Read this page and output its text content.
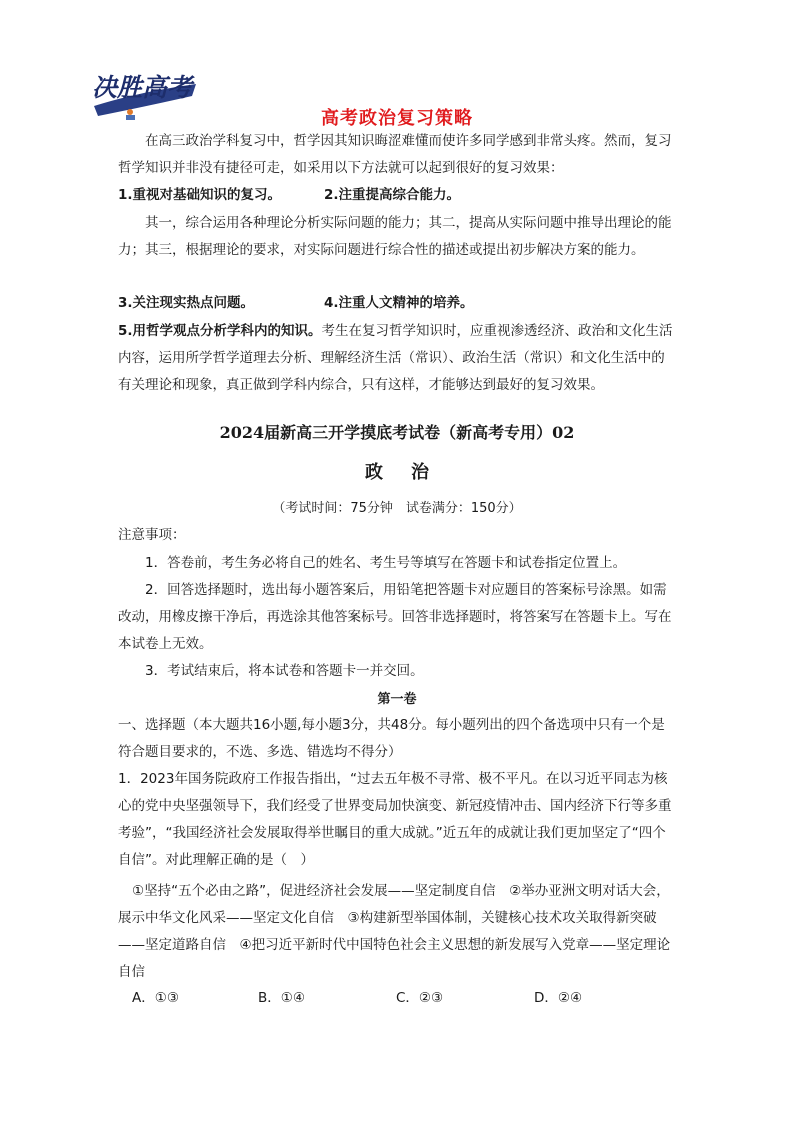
决胜高考
高考政治复习策略
在高三政治学科复习中，哲学因其知识晦涩难懂而使许多同学感到非常头疼。然而，复习哲学知识并非没有捷径可走，如采用以下方法就可以起到很好的复习效果：
1.重视对基础知识的复习。	2.注重提高综合能力。
其一，综合运用各种理论分析实际问题的能力；其二，提高从实际问题中推导出理论的能力；其三，根据理论的要求，对实际问题进行综合性的描述或提出初步解决方案的能力。
3.关注现实热点问题。	4.注重人文精神的培养。
5.用哲学观点分析学科内的知识。考生在复习哲学知识时，应重视渗透经济、政治和文化生活内容，运用所学哲学道理去分析、理解经济生活（常识）、政治生活（常识）和文化生活中的有关理论和现象，真正做到学科内综合，只有这样，才能够达到最好的复习效果。
2024届新高三开学摸底考试卷（新高考专用）02
政治
（考试时间：75分钟　试卷满分：150分）
注意事项：
1．答卷前，考生务必将自己的姓名、考生号等填写在答题卡和试卷指定位置上。
2．回答选择题时，选出每小题答案后，用铅笔把答题卡对应题目的答案标号涂黑。如需改动，用橡皮擦干净后，再选涂其他答案标号。回答非选择题时，将答案写在答题卡上。写在本试卷上无效。
3．考试结束后，将本试卷和答题卡一并交回。
第一卷
一、选择题（本大题共16小题,每小题3分，共48分。每小题列出的四个备选项中只有一个是符合题目要求的，不选、多选、错选均不得分）
1．2023年国务院政府工作报告指出，“过去五年极不寻常、极不平凡。在以习近平同志为核心的党中央坚强领导下，我们经受了世界变局加快演变、新冠疫情冲击、国内经济下行等多重考验”，“我国经济社会发展取得举世瞩目的重大成就。”近五年的成就让我们更加坚定了“四个自信”。对此理解正确的是（　）
①坚持“五个必由之路”，促进经济社会发展——坚定制度自信　②举办亚洲文明对话大会，展示中华文化风采——坚定文化自信　③构建新型举国体制，关键核心技术攻关取得新突破——坚定道路自信　④把习近平新时代中国特色社会主义思想的新发展写入党章——坚定理论自信
A．①③	B．①④	C．②③	D．②④
